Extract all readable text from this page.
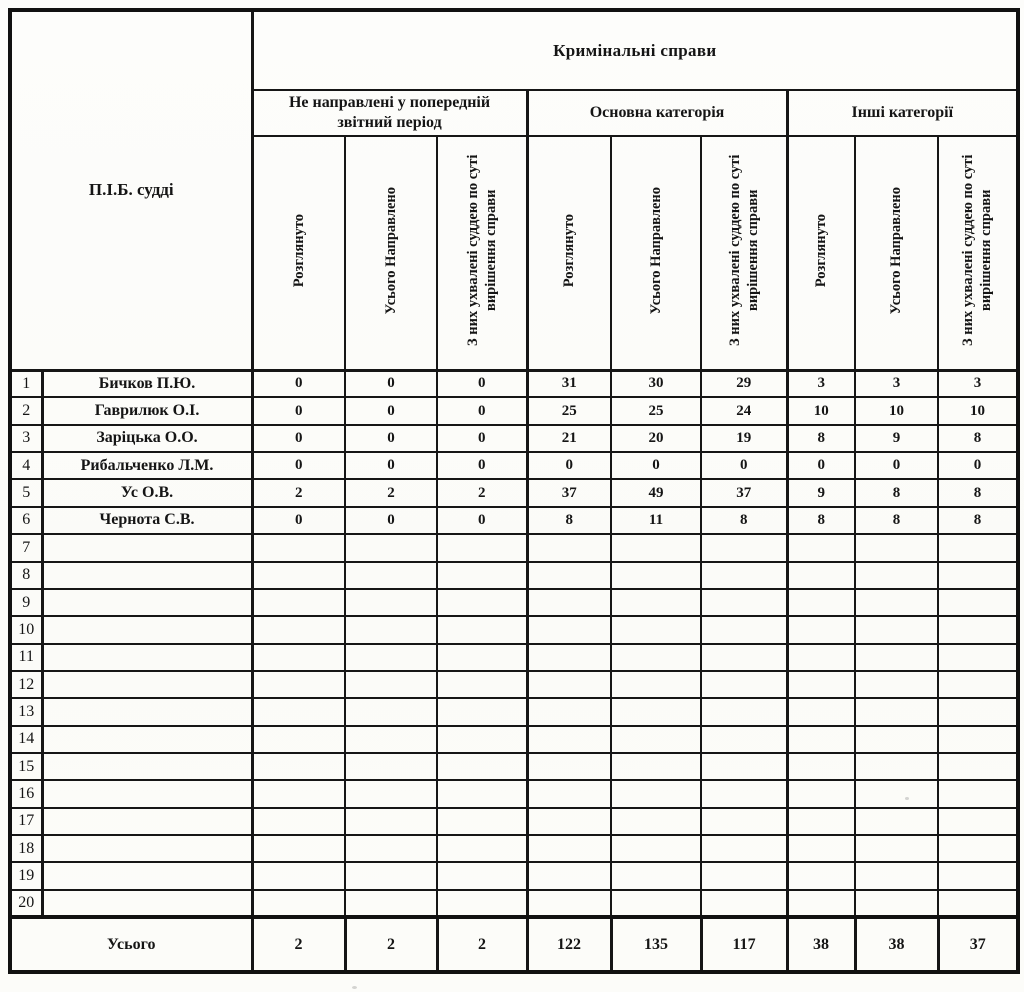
П.І.Б. судді		Кримінальні справи								
		Не направлені у попередній звітний період			Основна категорія			Інші категорії		
		Розглянуто	Усього Направлено	З них ухвалені суддею по суті вирішення справи	Розглянуто	Усього Направлено	З них ухвалені суддею по суті вирішення справи	Розглянуто	Усього Направлено	З них ухвалені суддею по суті вирішення справи
1	Бичков П.Ю.	0	0	0	31	30	29	3	3	3
2	Гаврилюк О.І.	0	0	0	25	25	24	10	10	10
3	Заріцька О.О.	0	0	0	21	20	19	8	9	8
4	Рибальченко Л.М.	0	0	0	0	0	0	0	0	0
5	Ус О.В.	2	2	2	37	49	37	9	8	8
6	Чернота С.В.	0	0	0	8	11	8	8	8	8
7										
8										
9										
10										
11										
12										
13										
14										
15										
16										
17										
18										
19										
20										
Усього		2	2	2	122	135	117	38	38	37
